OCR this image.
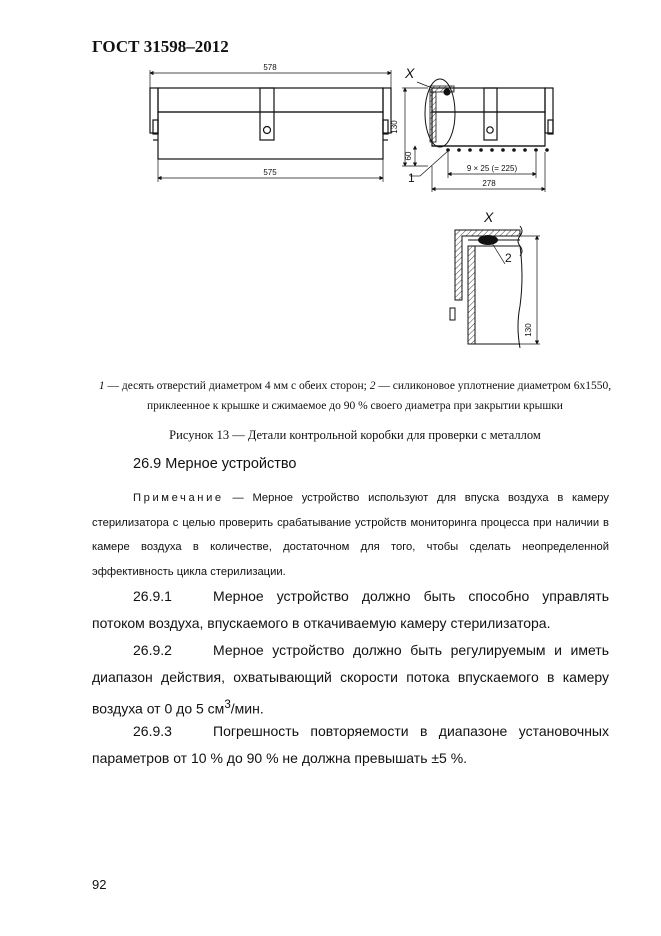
ГОСТ 31598–2012
578
575
130
60
9 × 25 (= 225)
278
X
1
X
2
130
1 — десять отверстий диаметром 4 мм с обеих сторон; 2 — силиконовое уплотнение диаметром 6x1550, приклеенное к крышке и сжимаемое до 90 % своего диаметра при закрытии крышки
Рисунок 13 — Детали контрольной коробки для проверки с металлом
26.9 Мерное устройство
Примечание — Мерное устройство используют для впуска воздуха в камеру стерилизатора с целью проверить срабатывание устройств мониторинга процесса при наличии в камере воздуха в количестве, достаточном для того, чтобы сделать неопределенной эффективность цикла стерилизации.
26.9.1	Мерное устройство должно быть способно управлять потоком воздуха, впускаемого в откачиваемую камеру стерилизатора.
26.9.2	Мерное устройство должно быть регулируемым и иметь диапазон действия, охватывающий скорости потока впускаемого в камеру воздуха от 0 до 5 $см^3$/мин.
26.9.3	Погрешность повторяемости в диапазоне установочных параметров от 10 % до 90 % не должна превышать ±5 %.
92
